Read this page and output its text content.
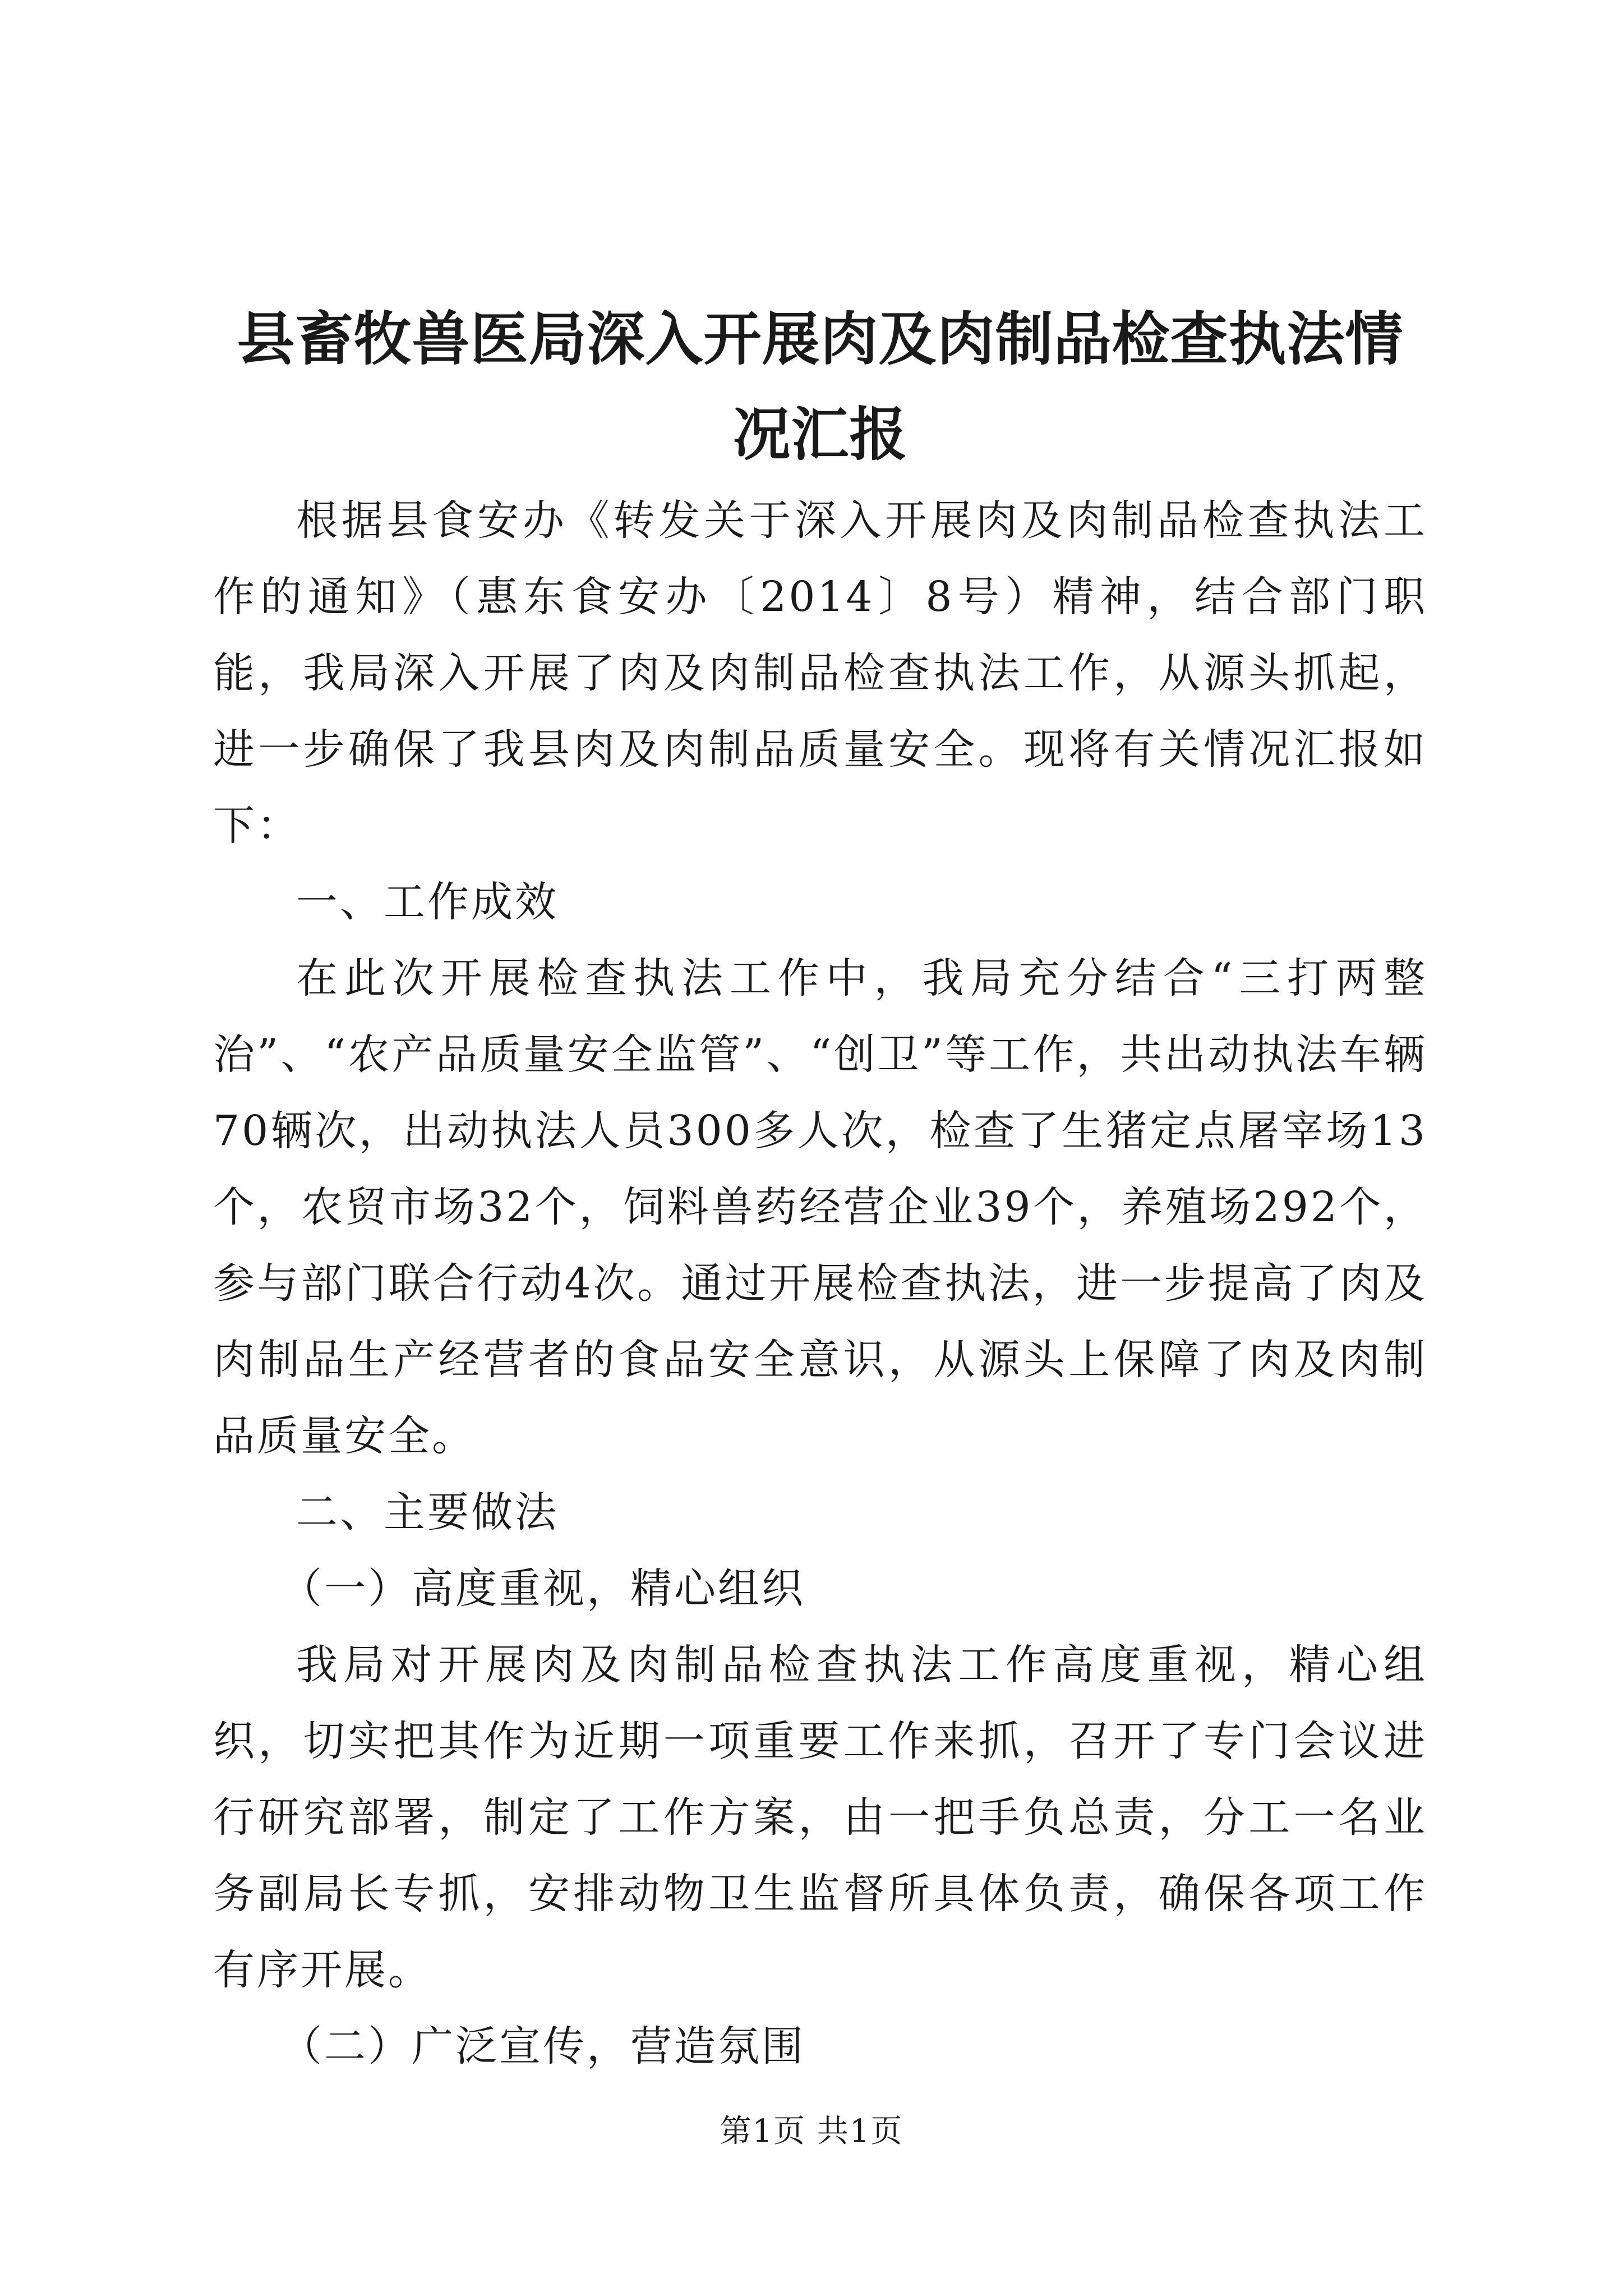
县畜牧兽医局深入开展肉及肉制品检查执法情况汇报

根据县食安办《转发关于深入开展肉及肉制品检查执法工作的通知》（惠东食安办〔2014〕8号）精神，结合部门职能，我局深入开展了肉及肉制品检查执法工作，从源头抓起，进一步确保了我县肉及肉制品质量安全。现将有关情况汇报如下：

一、工作成效

在此次开展检查执法工作中，我局充分结合“三打两整治”、“农产品质量安全监管”、“创卫”等工作，共出动执法车辆70辆次，出动执法人员300多人次，检查了生猪定点屠宰场13个，农贸市场32个，饲料兽药经营企业39个，养殖场292个，参与部门联合行动4次。通过开展检查执法，进一步提高了肉及肉制品生产经营者的食品安全意识，从源头上保障了肉及肉制品质量安全。

二、主要做法

（一）高度重视，精心组织

我局对开展肉及肉制品检查执法工作高度重视，精心组织，切实把其作为近期一项重要工作来抓，召开了专门会议进行研究部署，制定了工作方案，由一把手负总责，分工一名业务副局长专抓，安排动物卫生监督所具体负责，确保各项工作有序开展。

（二）广泛宣传，营造氛围

第1页 共1页
